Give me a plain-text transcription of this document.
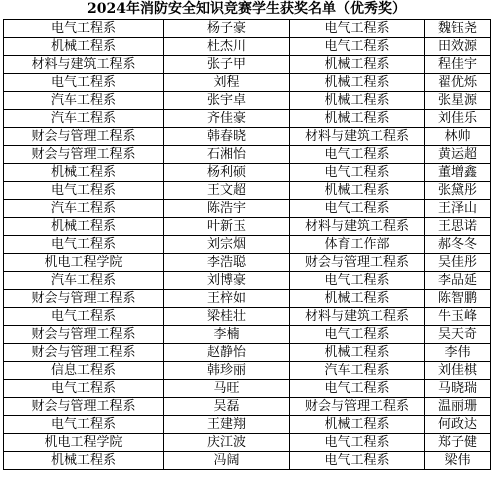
2024年消防安全知识竞赛学生获奖名单（优秀奖）
电气工程系	杨子豪	电气工程系	魏钰尧
机械工程系	杜杰川	电气工程系	田效源
材料与建筑工程系	张子甲	机械工程系	程佳宇
电气工程系	刘程	机械工程系	翟优烁
汽车工程系	张宇卓	机械工程系	张星源
汽车工程系	齐佳豪	机械工程系	刘佳乐
财会与管理工程系	韩春晓	材料与建筑工程系	林帅
财会与管理工程系	石湘怡	电气工程系	黄运超
机械工程系	杨利硕	电气工程系	董增鑫
电气工程系	王文超	机械工程系	张黛彤
汽车工程系	陈浩宇	电气工程系	王泽山
机械工程系	叶新玉	材料与建筑工程系	王思诺
电气工程系	刘宗烟	体育工作部	郝冬冬
机电工程学院	李浩聪	财会与管理工程系	吴佳彤
汽车工程系	刘博豪	电气工程系	李品延
财会与管理工程系	王梓如	机械工程系	陈智鹏
电气工程系	梁桂壮	材料与建筑工程系	牛玉峰
财会与管理工程系	李楠	电气工程系	吴天奇
财会与管理工程系	赵静怡	机械工程系	李伟
信息工程系	韩珍丽	汽车工程系	刘佳棋
电气工程系	马旺	电气工程系	马晓瑞
财会与管理工程系	吴磊	财会与管理工程系	温丽珊
电气工程系	王建翔	机械工程系	何政达
机电工程学院	庆江波	电气工程系	郑子健
机械工程系	冯阔	电气工程系	梁伟
